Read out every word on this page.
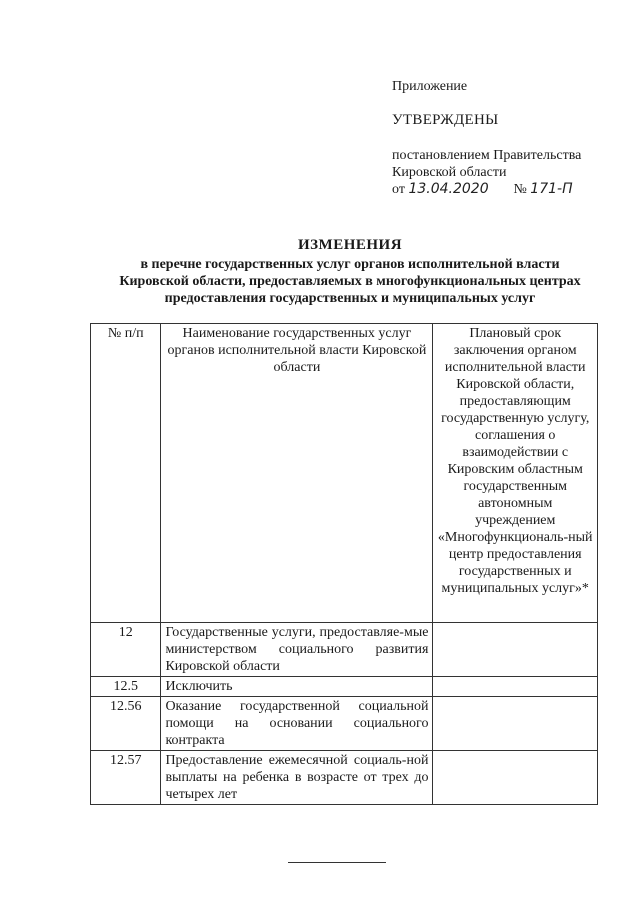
Приложение

УТВЕРЖДЕНЫ

постановлением Правительства
Кировской области
от 13.04.2020 № 171-П

ИЗМЕНЕНИЯ
в перечне государственных услуг органов исполнительной власти
Кировской области, предоставляемых в многофункциональных центрах
предоставления государственных и муниципальных услуг
№ п/п	Наименование государственных услуг органов исполнительной власти Кировской области	Плановый срок заключения органом исполнительной власти Кировской области, предоставляющим государственную услугу, соглашения о взаимодействии с Кировским областным государственным автономным учреждением «Многофункциональ-ный центр предоставления государственных и муниципальных услуг»*
12	Государственные услуги, предоставляе-мые министерством социального развития Кировской области	
12.5	Исключить	
12.56	Оказание государственной социальной помощи на основании социального контракта	
12.57	Предоставление ежемесячной социаль-ной выплаты на ребенка в возрасте от трех до четырех лет	
